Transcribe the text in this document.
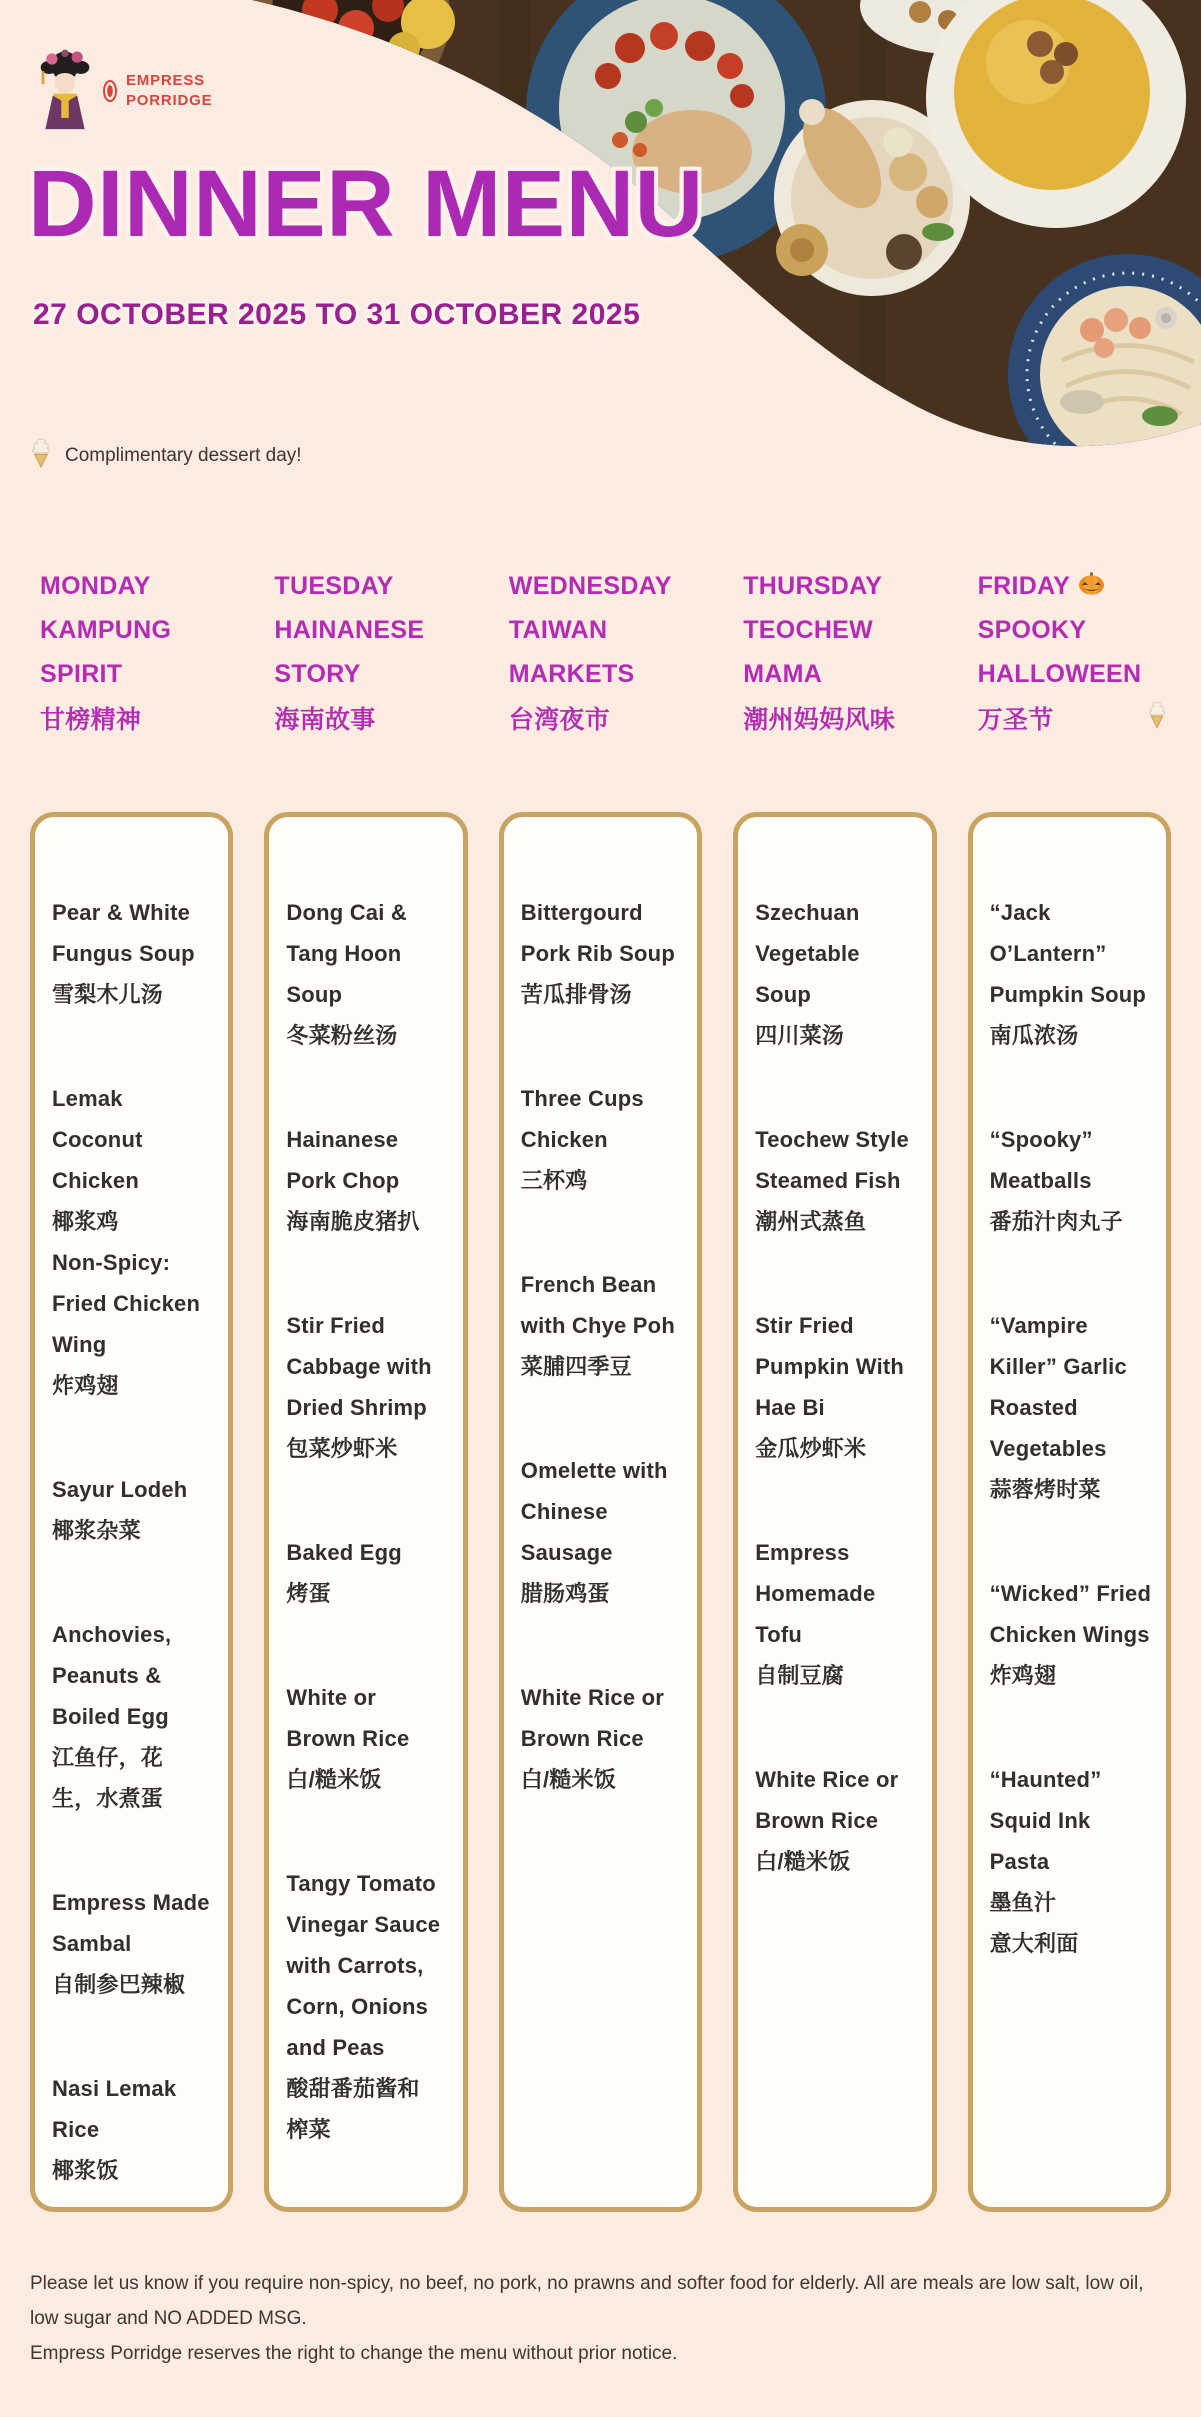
EMPRESS
PORRIDGE
DINNER MENU
27 OCTOBER 2025 TO 31 OCTOBER 2025
Complimentary dessert day!
MONDAY
KAMPUNG
SPIRIT
甘榜精神
TUESDAY
HAINANESE
STORY
海南故事
WEDNESDAY
TAIWAN
MARKETS
台湾夜市
THURSDAY
TEOCHEW
MAMA
潮州妈妈风味
FRIDAY
SPOOKY
HALLOWEEN
万圣节
Pear & White
Fungus Soup
雪梨木儿汤
Lemak
Coconut
Chicken
椰浆鸡
Non-Spicy:
Fried Chicken
Wing
炸鸡翅
Sayur Lodeh
椰浆杂菜
Anchovies,
Peanuts &
Boiled Egg
江鱼仔，花
生，水煮蛋
Empress Made
Sambal
自制参巴辣椒
Nasi Lemak
Rice
椰浆饭
Dong Cai &
Tang Hoon
Soup
冬菜粉丝汤
Hainanese
Pork Chop
海南脆皮猪扒
Stir Fried
Cabbage with
Dried Shrimp
包菜炒虾米
Baked Egg
烤蛋
White or
Brown Rice
白/糙米饭
Tangy Tomato
Vinegar Sauce
with Carrots,
Corn, Onions
and Peas
酸甜番茄酱和
榨菜
Bittergourd
Pork Rib Soup
苦瓜排骨汤
Three Cups
Chicken
三杯鸡
French Bean
with Chye Poh
菜脯四季豆
Omelette with
Chinese
Sausage
腊肠鸡蛋
White Rice or
Brown Rice
白/糙米饭
Szechuan
Vegetable
Soup
四川菜汤
Teochew Style
Steamed Fish
潮州式蒸鱼
Stir Fried
Pumpkin With
Hae Bi
金瓜炒虾米
Empress
Homemade
Tofu
自制豆腐
White Rice or
Brown Rice
白/糙米饭
“Jack
O’Lantern”
Pumpkin Soup
南瓜浓汤
“Spooky”
Meatballs
番茄汁肉丸子
“Vampire
Killer” Garlic
Roasted
Vegetables
蒜蓉烤时菜
“Wicked” Fried
Chicken Wings
炸鸡翅
“Haunted”
Squid Ink
Pasta
墨鱼汁
意大利面

Please let us know if you require non-spicy, no beef, no pork, no prawns and softer food for elderly. All are meals are low salt, low oil, low sugar and NO ADDED MSG.

Empress Porridge reserves the right to change the menu without prior notice.
